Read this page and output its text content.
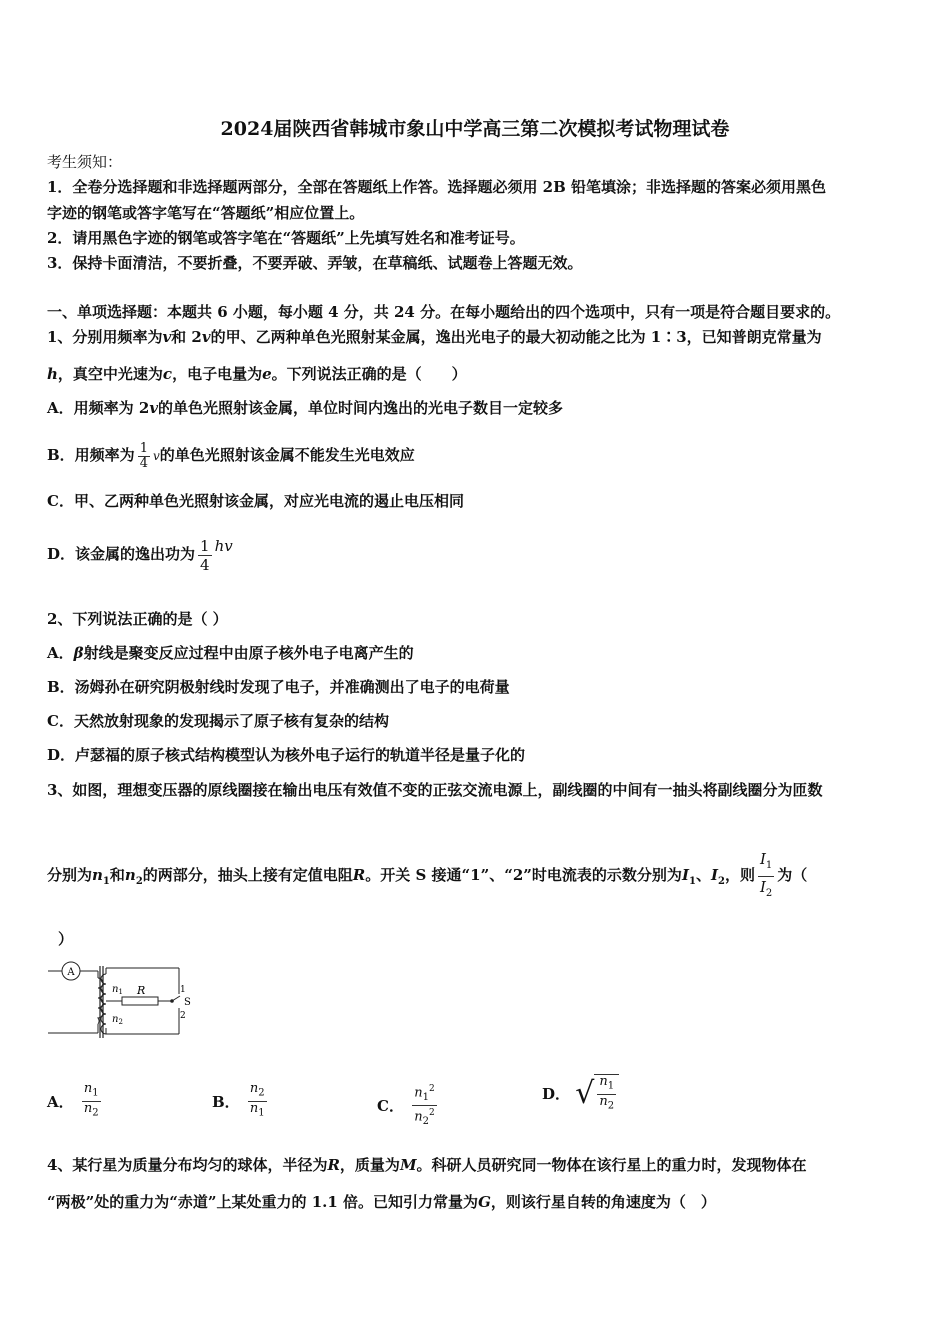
2024届陕西省韩城市象山中学高三第二次模拟考试物理试卷
考生须知：
1．全卷分选择题和非选择题两部分，全部在答题纸上作答。选择题必须用 2B 铅笔填涂；非选择题的答案必须用黑色
字迹的钢笔或答字笔写在“答题纸”相应位置上。
2．请用黑色字迹的钢笔或答字笔在“答题纸”上先填写姓名和准考证号。
3．保持卡面清洁，不要折叠，不要弄破、弄皱，在草稿纸、试题卷上答题无效。
一、单项选择题：本题共 6 小题，每小题 4 分，共 24 分。在每小题给出的四个选项中，只有一项是符合题目要求的。
1、分别用频率为v和 2v的甲、乙两种单色光照射某金属，逸出光电子的最大初动能之比为 1∶3，已知普朗克常量为
h，真空中光速为c，电子电量为e。下列说法正确的是（　　）
A．用频率为 2v的单色光照射该金属，单位时间内逸出的光电子数目一定较多
B．用频率为 $\frac{1}{4}$ v的单色光照射该金属不能发生光电效应
C．甲、乙两种单色光照射该金属，对应光电流的遏止电压相同
D．该金属的逸出功为 $\frac{1}{4}$ hv
2、下列说法正确的是（ ）
A．β射线是聚变反应过程中由原子核外电子电离产生的
B．汤姆孙在研究阴极射线时发现了电子，并准确测出了电子的电荷量
C．天然放射现象的发现揭示了原子核有复杂的结构
D．卢瑟福的原子核式结构模型认为核外电子运行的轨道半径是量子化的
3、如图，理想变压器的原线圈接在输出电压有效值不变的正弦交流电源上，副线圈的中间有一抽头将副线圈分为匝数
分别为$n_1$和$n_2$的两部分，抽头上接有定值电阻R。开关 S 接通“1”、“2”时电流表的示数分别为$I_1$、$I_2$，则 $\frac{I_1}{I_2}$ 为（
）
A
$n_1$
$n_2$
R
S
1
2
A． $\frac{n_1}{n_2}$	B． $\frac{n_2}{n_1}$	C． $\frac{n_1^2}{n_2^2}$	D． √ $\frac{n_1}{n_2}$
4、某行星为质量分布均匀的球体，半径为R，质量为M。科研人员研究同一物体在该行星上的重力时，发现物体在
“两极”处的重力为“赤道”上某处重力的 1.1 倍。已知引力常量为G，则该行星自转的角速度为（　）
